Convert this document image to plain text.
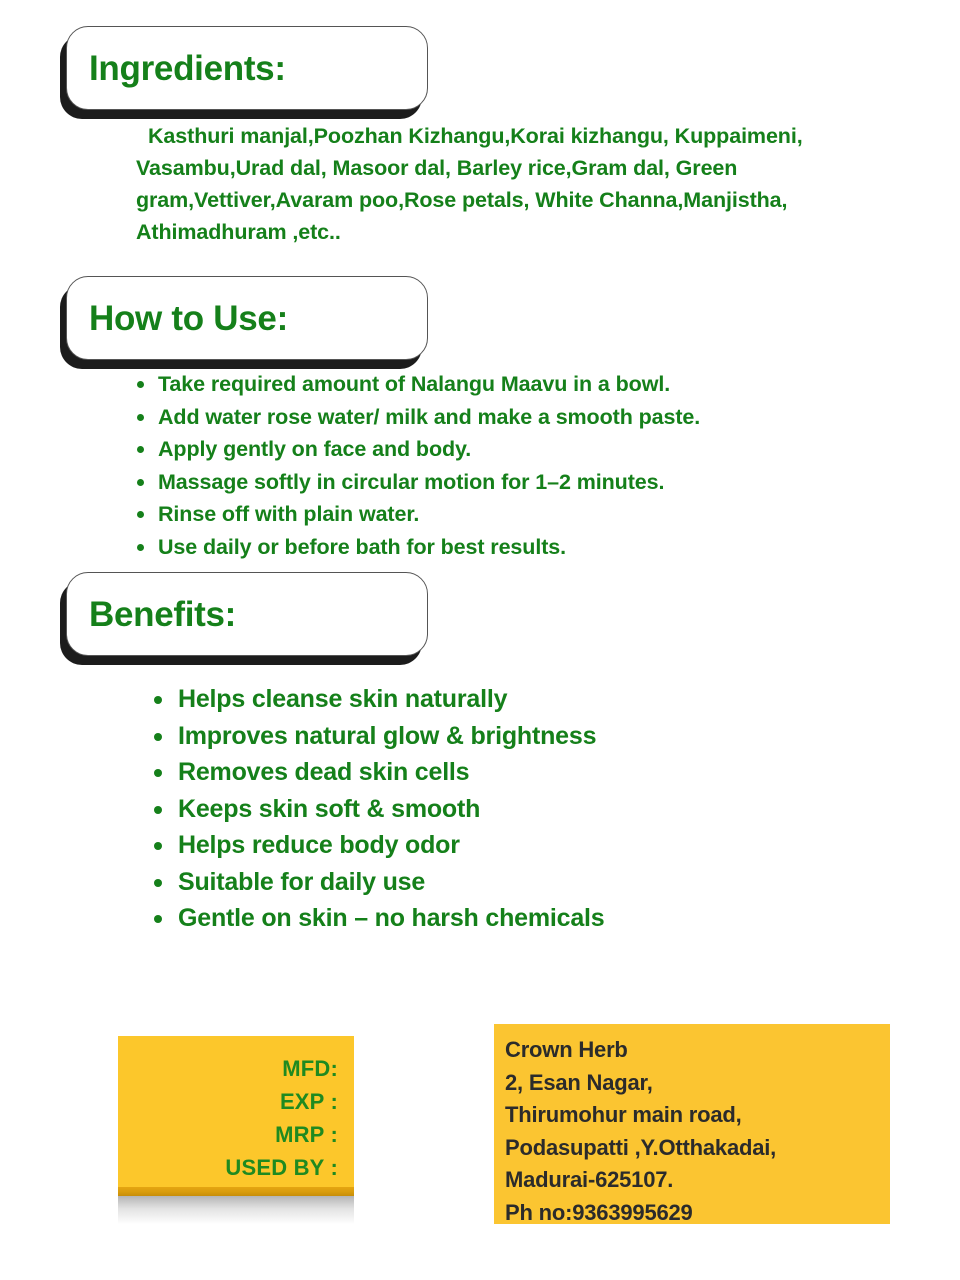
Ingredients:
Kasthuri manjal,Poozhan Kizhangu,Korai kizhangu, Kuppaimeni, Vasambu,Urad dal, Masoor dal, Barley rice,Gram dal, Green gram,Vettiver,Avaram poo,Rose petals, White Channa,Manjistha, Athimadhuram ,etc..
How to Use:
Take required amount of Nalangu Maavu in a bowl.
Add water rose water/ milk and make a smooth paste.
Apply gently on face and body.
Massage softly in circular motion for 1–2 minutes.
Rinse off with plain water.
Use daily or before bath for best results.
Benefits:
Helps cleanse skin naturally
Improves natural glow & brightness
Removes dead skin cells
Keeps skin soft & smooth
Helps reduce body odor
Suitable for daily use
Gentle on skin – no harsh chemicals
MFD:
EXP :
MRP :
USED BY :
Crown Herb
2, Esan Nagar,
Thirumohur main road,
Podasupatti ,Y.Otthakadai,
Madurai-625107.
Ph no:9363995629
